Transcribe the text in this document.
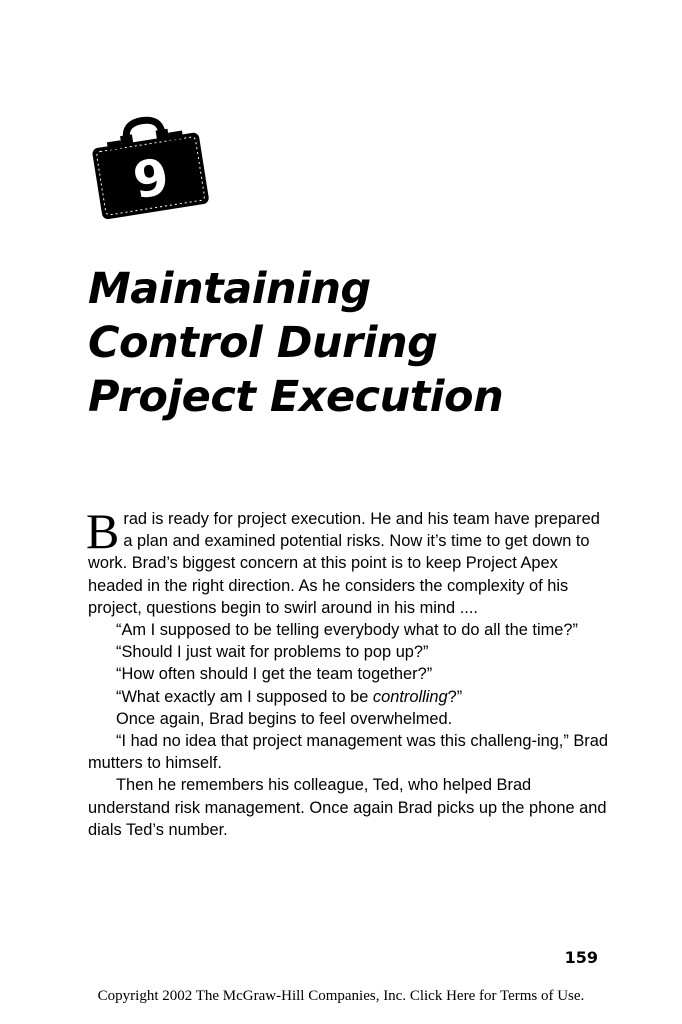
9
Maintaining
Control During
Project Execution

Brad is ready for project execution. He and his team have prepared a plan and examined potential risks. Now it’s time to get down to work. Brad’s biggest concern at this point is to keep Project Apex headed in the right direction. As he considers the complexity of his project, questions begin to swirl around in his mind ....

“Am I supposed to be telling everybody what to do all the time?”

“Should I just wait for problems to pop up?”

“How often should I get the team together?”

“What exactly am I supposed to be controlling?”

Once again, Brad begins to feel overwhelmed.

“I had no idea that project management was this challeng-ing,” Brad mutters to himself.

Then he remembers his colleague, Ted, who helped Brad understand risk management. Once again Brad picks up the phone and dials Ted’s number.

159
Copyright 2002 The McGraw-Hill Companies, Inc. Click Here for Terms of Use.
